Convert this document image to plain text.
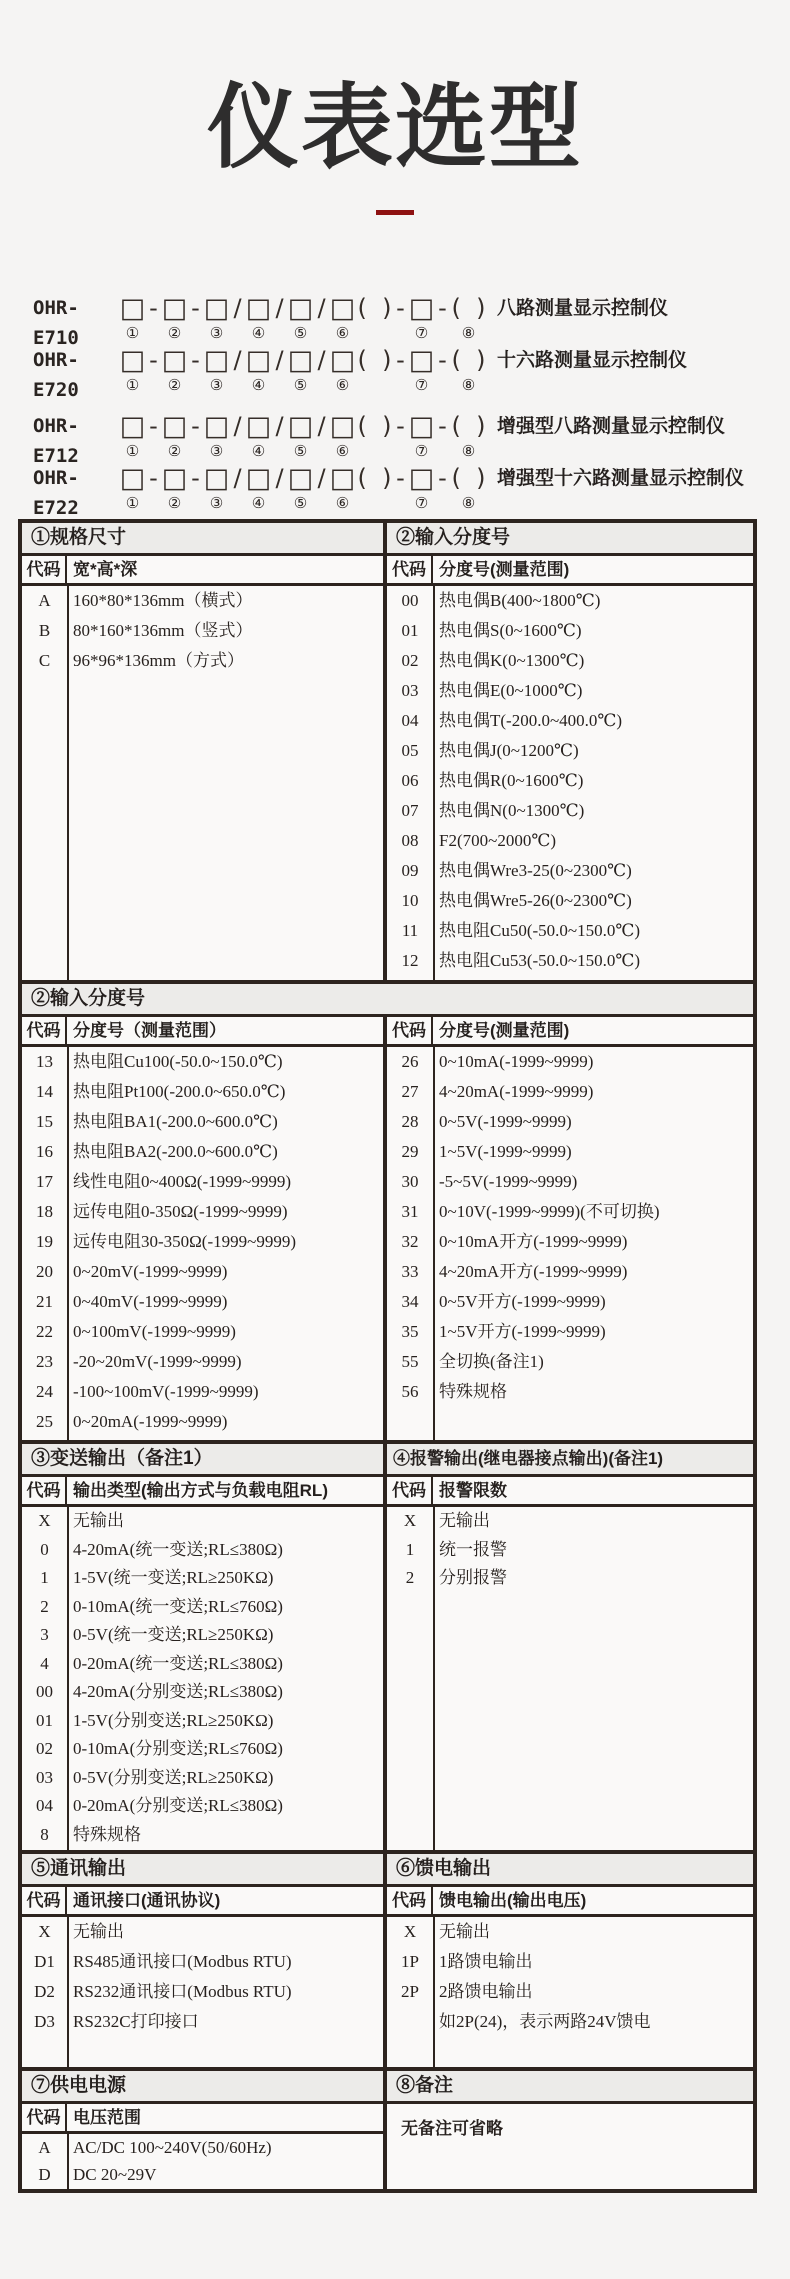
仪表选型
OHR-E710
□
①
- □
②
- □
③
/ □
④
/ □
⑤
/ □
⑥
(  ) - □
⑦
- (  )
⑧
八路测量显示控制仪
OHR-E720
□
①
- □
②
- □
③
/ □
④
/ □
⑤
/ □
⑥
(  ) - □
⑦
- (  )
⑧
十六路测量显示控制仪
OHR-E712
□
①
- □
②
- □
③
/ □
④
/ □
⑤
/ □
⑥
(  ) - □
⑦
- (  )
⑧
增强型八路测量显示控制仪
OHR-E722
□
①
- □
②
- □
③
/ □
④
/ □
⑤
/ □
⑥
(  ) - □
⑦
- (  )
⑧
增强型十六路测量显示控制仪
①规格尺寸
代码 宽*高*深
A	160*80*136mm（横式）
B	80*160*136mm（竖式）
C	96*96*136mm（方式）
②输入分度号
代码 分度号(测量范围)
00	热电偶B(400~1800℃)
01	热电偶S(0~1600℃)
02	热电偶K(0~1300℃)
03	热电偶E(0~1000℃)
04	热电偶T(-200.0~400.0℃)
05	热电偶J(0~1200℃)
06	热电偶R(0~1600℃)
07	热电偶N(0~1300℃)
08	F2(700~2000℃)
09	热电偶Wre3-25(0~2300℃)
10	热电偶Wre5-26(0~2300℃)
11	热电阻Cu50(-50.0~150.0℃)
12	热电阻Cu53(-50.0~150.0℃)
②输入分度号
代码 分度号（测量范围）
13	热电阻Cu100(-50.0~150.0℃)
14	热电阻Pt100(-200.0~650.0℃)
15	热电阻BA1(-200.0~600.0℃)
16	热电阻BA2(-200.0~600.0℃)
17	线性电阻0~400Ω(-1999~9999)
18	远传电阻0-350Ω(-1999~9999)
19	远传电阻30-350Ω(-1999~9999)
20	0~20mV(-1999~9999)
21	0~40mV(-1999~9999)
22	0~100mV(-1999~9999)
23	-20~20mV(-1999~9999)
24	-100~100mV(-1999~9999)
25	0~20mA(-1999~9999)
代码 分度号(测量范围)
26	0~10mA(-1999~9999)
27	4~20mA(-1999~9999)
28	0~5V(-1999~9999)
29	1~5V(-1999~9999)
30	-5~5V(-1999~9999)
31	0~10V(-1999~9999)(不可切换)
32	0~10mA开方(-1999~9999)
33	4~20mA开方(-1999~9999)
34	0~5V开方(-1999~9999)
35	1~5V开方(-1999~9999)
55	全切换(备注1)
56	特殊规格
③变送输出（备注1）
代码 输出类型(输出方式与负载电阻RL)
X	无输出
0	4-20mA(统一变送;RL≤380Ω)
1	1-5V(统一变送;RL≥250KΩ)
2	0-10mA(统一变送;RL≤760Ω)
3	0-5V(统一变送;RL≥250KΩ)
4	0-20mA(统一变送;RL≤380Ω)
00	4-20mA(分别变送;RL≤380Ω)
01	1-5V(分别变送;RL≥250KΩ)
02	0-10mA(分别变送;RL≤760Ω)
03	0-5V(分别变送;RL≥250KΩ)
04	0-20mA(分别变送;RL≤380Ω)
8	特殊规格
④报警输出(继电器接点输出)(备注1)
代码 报警限数
X	无输出
1	统一报警
2	分别报警
⑤通讯输出
代码 通讯接口(通讯协议)
X	无输出
D1	RS485通讯接口(Modbus RTU)
D2	RS232通讯接口(Modbus RTU)
D3	RS232C打印接口
⑥馈电输出
代码 馈电输出(输出电压)
X	无输出
1P	1路馈电输出
2P	2路馈电输出
如2P(24)，表示两路24V馈电
⑦供电电源
代码 电压范围
A	AC/DC 100~240V(50/60Hz)
D	DC 20~29V
⑧备注
无备注可省略
